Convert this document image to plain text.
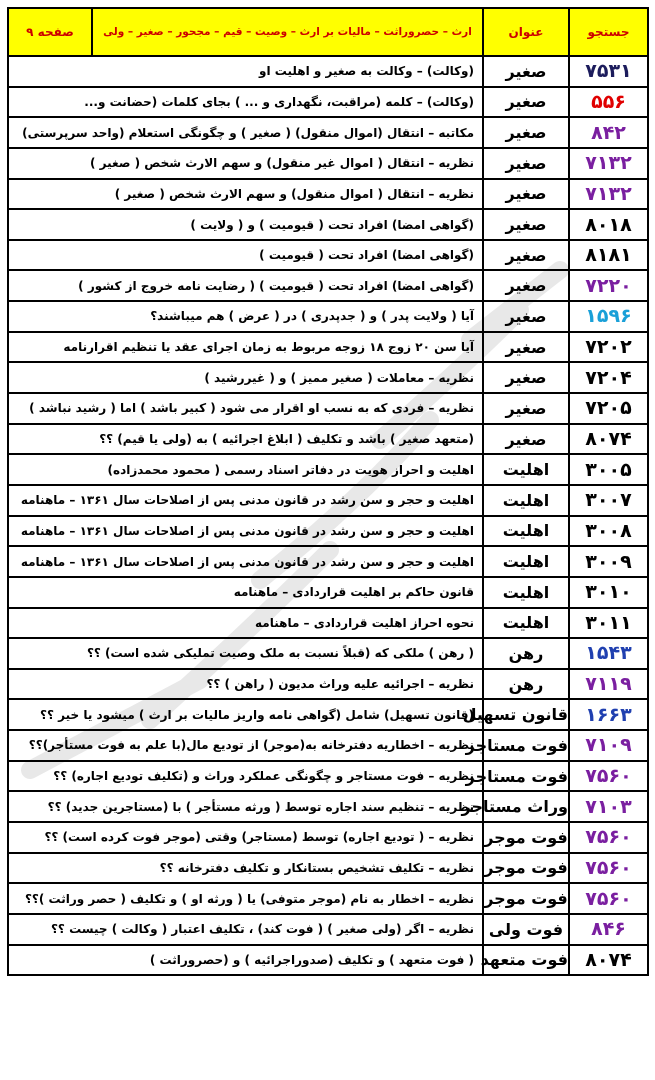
جستجو	عنوان	ارث – حصروراثت – مالیات بر ارث – وصیت – قیم – مجحور – صغیر – ولی	صفحه ۹
۷۵۳۱	صغیر	(وکالت) – وکالت به صغیر و اهلیت او	
۵۵۶	صغیر	(وکالت) – کلمه (مراقبت، نگهداری و ... ) بجای کلمات (حضانت و...	
۸۴۲	صغیر	مکاتبه – انتقال (اموال منقول) ( صغیر ) و چگونگی استعلام (واحد سرپرستی)	
۷۱۳۲	صغیر	نظریه – انتقال ( اموال غیر منقول) و سهم الارث شخص ( صغیر )	
۷۱۳۲	صغیر	نظریه – انتقال ( اموال منقول) و سهم الارث شخص ( صغیر )	
۸۰۱۸	صغیر	(گواهی امضا) افراد تحت ( قیومیت ) و ( ولایت )	
۸۱۸۱	صغیر	(گواهی امضا) افراد تحت ( قیومیت )	
۷۲۲۰	صغیر	(گواهی امضا) افراد تحت ( قیومیت ) ( رضایت نامه خروج از کشور )	
۱۵۹۶	صغیر	آیا ( ولایت پدر ) و ( جدپدری ) در ( عرض ) هم میباشند؟	
۷۲۰۲	صغیر	آیا سن ۲۰ زوج ۱۸ زوجه مربوط به زمان اجرای عقد یا تنظیم اقرارنامه	
۷۲۰۴	صغیر	نظریه – معاملات ( صغیر ممیز ) و ( غیررشید )	
۷۲۰۵	صغیر	نظریه – فردی که به نسب او اقرار می شود ( کبیر باشد ) اما ( رشید نباشد )	
۸۰۷۴	صغیر	(متعهد صغیر ) باشد و تکلیف ( ابلاغ اجرائیه ) به (ولی یا قیم) ؟؟	
۳۰۰۵	اهلیت	اهلیت و احراز هویت در دفاتر اسناد رسمی ( محمود محمدزاده)	
۳۰۰۷	اهلیت	اهلیت و حجر و سن رشد در قانون مدنی پس از اصلاحات سال ۱۳۶۱ – ماهنامه	
۳۰۰۸	اهلیت	اهلیت و حجر و سن رشد در قانون مدنی پس از اصلاحات سال ۱۳۶۱ – ماهنامه	
۳۰۰۹	اهلیت	اهلیت و حجر و سن رشد در قانون مدنی پس از اصلاحات سال ۱۳۶۱ – ماهنامه	
۳۰۱۰	اهلیت	قانون حاکم بر اهلیت قراردادی – ماهنامه	
۳۰۱۱	اهلیت	نحوه احراز اهلیت قراردادی – ماهنامه	
۱۵۴۳	رهن	( رهن ) ملکی که (قبلاً نسبت به ملک وصیت تملیکی شده است) ؟؟	
۷۱۱۹	رهن	نظریه – اجرائیه علیه وراث مدیون ( راهن ) ؟؟	
۱۶۶۳	قانون تسهیل	(قانون تسهیل) شامل (گواهی نامه واریز مالیات بر ارث ) میشود یا خیر ؟؟	
۷۱۰۹	فوت مستاجر	نظریه – اخطاریه دفترخانه به(موجر) از تودیع مال(با علم به فوت مستأجر)؟؟	
۷۵۶۰	فوت مستاجر	نظریه – فوت مستاجر و چگونگی عملکرد وراث و (تکلیف تودیع اجاره) ؟؟	
۷۱۰۳	وراث مستاجر	نظریه – تنظیم سند اجاره توسط ( ورثه مستأجر ) با (مستاجرین جدید) ؟؟	
۷۵۶۰	فوت موجر	نظریه – ( تودیع اجاره) توسط (مستاجر) وقتی (موجر فوت کرده است) ؟؟	
۷۵۶۰	فوت موجر	نظریه – تکلیف تشخیص بستانکار و تکلیف دفترخانه ؟؟	
۷۵۶۰	فوت موجر	نظریه – اخطار به نام (موجر متوفی) یا ( ورثه او ) و تکلیف ( حصر وراثت )؟؟	
۸۴۶	فوت ولی	نظریه – اگر (ولی صغیر ) ( فوت کند) ، تکلیف اعتبار ( وکالت ) چیست ؟؟	
۸۰۷۴	فوت متعهد	( فوت متعهد ) و تکلیف (صدوراجرائیه ) و (حصروراثت )	
